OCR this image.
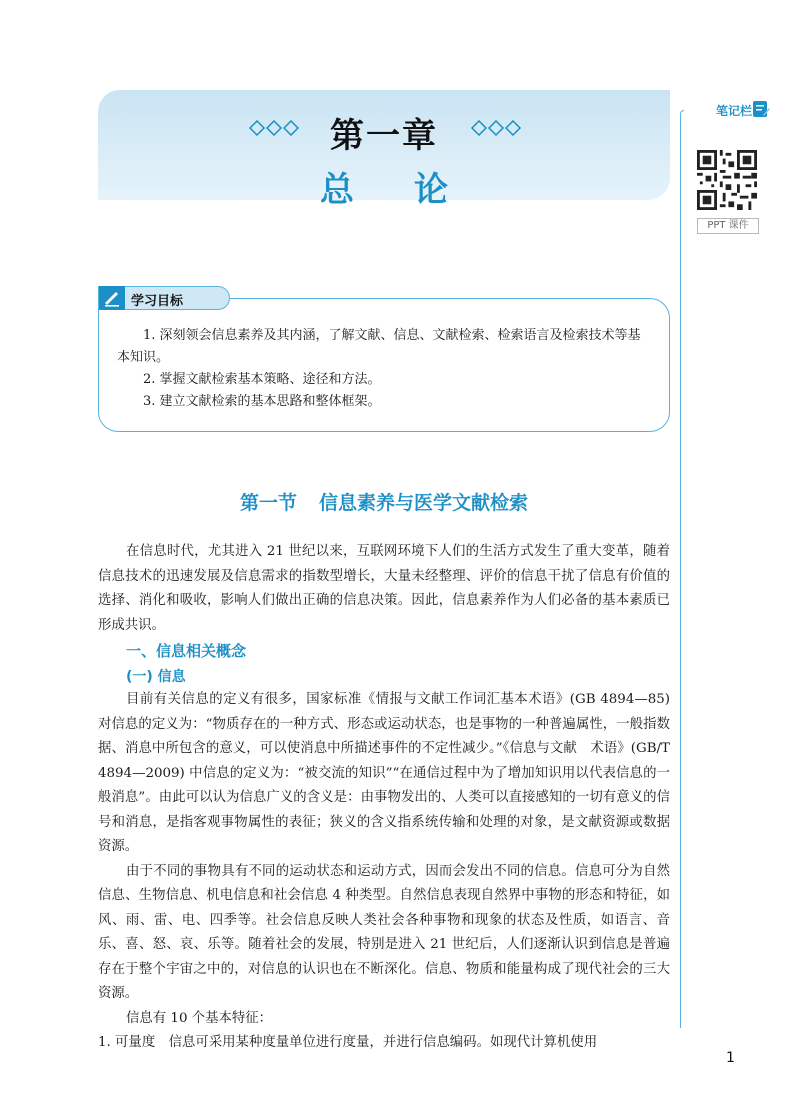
第一章
总论
笔记栏
PPT 课件
1. 深刻领会信息素养及其内涵，了解文献、信息、文献检索、检索语言及检索技术等基本知识。
2. 掌握文献检索基本策略、途径和方法。
3. 建立文献检索的基本思路和整体框架。
学习目标
第一节 信息素养与医学文献检索

在信息时代，尤其进入 21 世纪以来，互联网环境下人们的生活方式发生了重大变革，随着信息技术的迅速发展及信息需求的指数型增长，大量未经整理、评价的信息干扰了信息有价值的选择、消化和吸收，影响人们做出正确的信息决策。因此，信息素养作为人们必备的基本素质已形成共识。

一、信息相关概念
(一) 信息

目前有关信息的定义有很多，国家标准《情报与文献工作词汇基本术语》(GB 4894—85) 对信息的定义为：“物质存在的一种方式、形态或运动状态，也是事物的一种普遍属性，一般指数据、消息中所包含的意义，可以使消息中所描述事件的不定性减少。”《信息与文献　术语》(GB/T 4894—2009) 中信息的定义为：“被交流的知识”“在通信过程中为了增加知识用以代表信息的一般消息”。由此可以认为信息广义的含义是：由事物发出的、人类可以直接感知的一切有意义的信号和消息，是指客观事物属性的表征；狭义的含义指系统传输和处理的对象，是文献资源或数据资源。

由于不同的事物具有不同的运动状态和运动方式，因而会发出不同的信息。信息可分为自然信息、生物信息、机电信息和社会信息 4 种类型。自然信息表现自然界中事物的形态和特征，如风、雨、雷、电、四季等。社会信息反映人类社会各种事物和现象的状态及性质，如语言、音乐、喜、怒、哀、乐等。随着社会的发展，特别是进入 21 世纪后，人们逐渐认识到信息是普遍存在于整个宇宙之中的，对信息的认识也在不断深化。信息、物质和能量构成了现代社会的三大资源。

信息有 10 个基本特征：

1. 可量度　信息可采用某种度量单位进行度量，并进行信息编码。如现代计算机使用

1
